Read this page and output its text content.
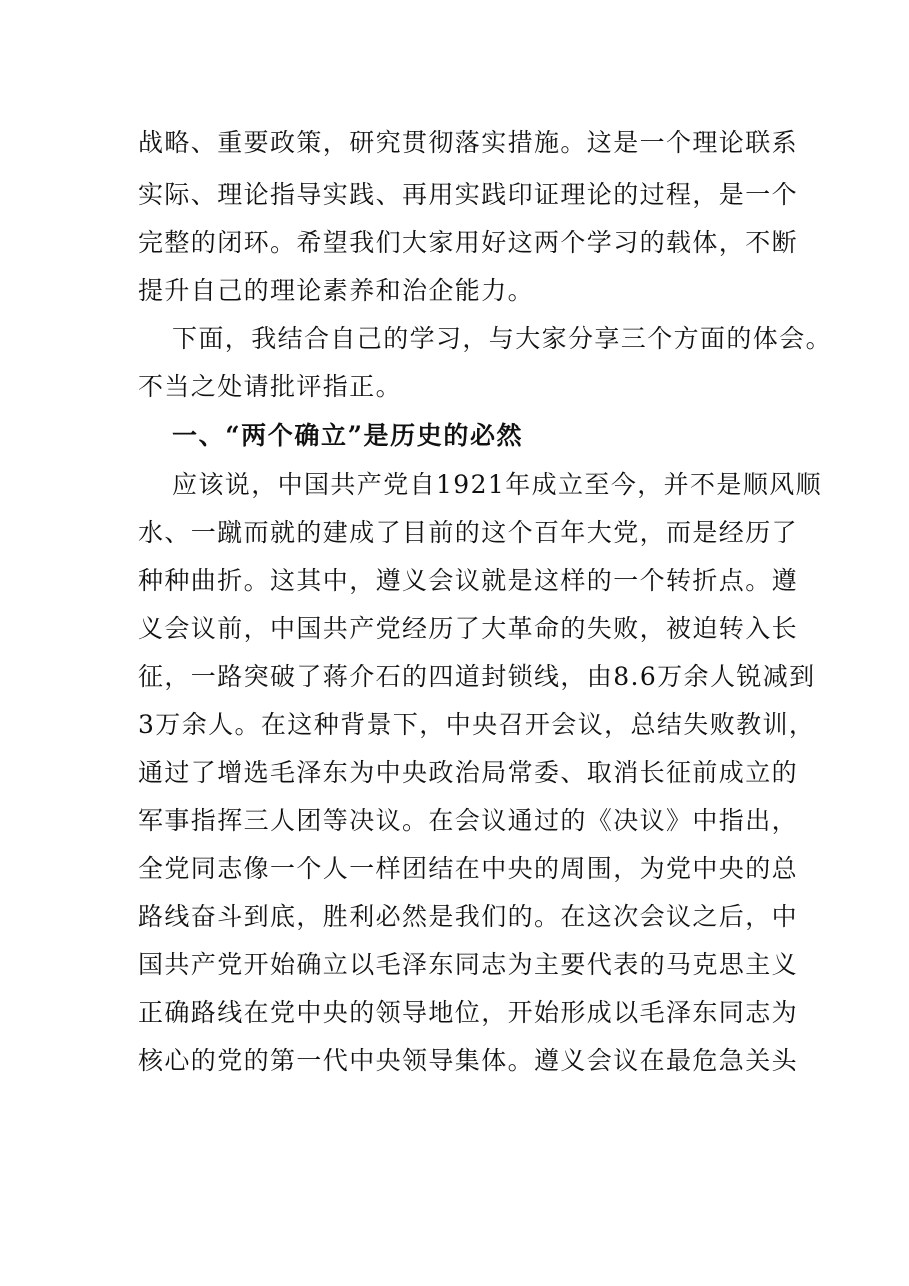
战略、重要政策，研究贯彻落实措施。这是一个理论联系
实际、理论指导实践、再用实践印证理论的过程，是一个
完整的闭环。希望我们大家用好这两个学习的载体，不断
提升自己的理论素养和治企能力。
下面，我结合自己的学习，与大家分享三个方面的体会。
不当之处请批评指正。
一、“两个确立”是历史的必然
应该说，中国共产党自1921年成立至今，并不是顺风顺
水、一蹴而就的建成了目前的这个百年大党，而是经历了
种种曲折。这其中，遵义会议就是这样的一个转折点。遵
义会议前，中国共产党经历了大革命的失败，被迫转入长
征，一路突破了蒋介石的四道封锁线，由8.6万余人锐减到
3万余人。在这种背景下，中央召开会议，总结失败教训，
通过了增选毛泽东为中央政治局常委、取消长征前成立的
军事指挥三人团等决议。在会议通过的《决议》中指出，
全党同志像一个人一样团结在中央的周围，为党中央的总
路线奋斗到底，胜利必然是我们的。在这次会议之后，中
国共产党开始确立以毛泽东同志为主要代表的马克思主义
正确路线在党中央的领导地位，开始形成以毛泽东同志为
核心的党的第一代中央领导集体。遵义会议在最危急关头
